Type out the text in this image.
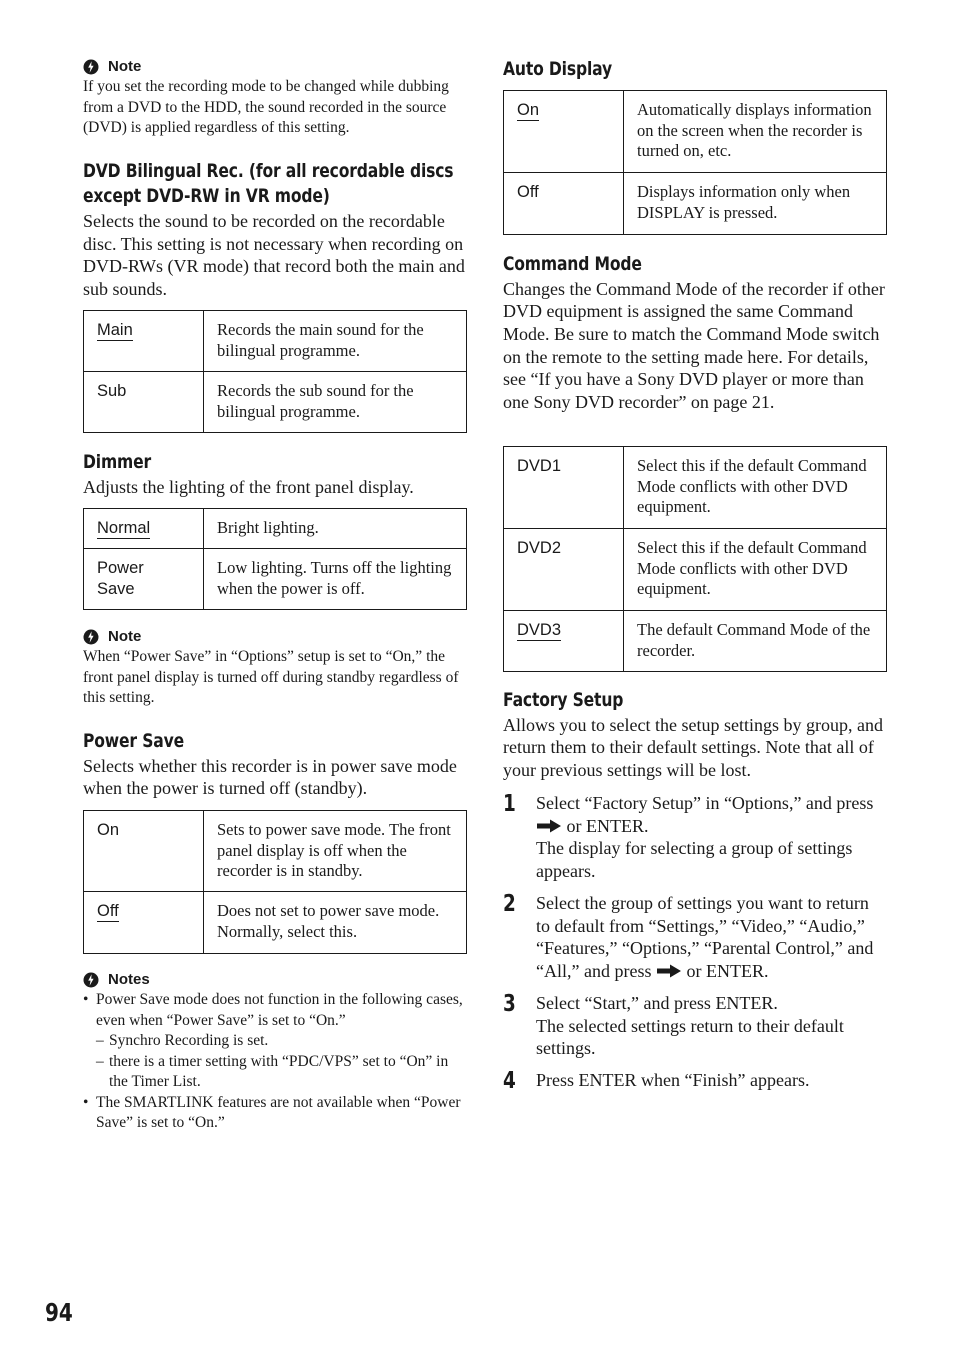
Note

If you set the recording mode to be changed while dubbing from a DVD to the HDD, the sound recorded in the source (DVD) is applied regardless of this setting.

DVD Bilingual Rec. (for all recordable discs

except DVD-RW in VR mode)

Selects the sound to be recorded on the recordable disc. This setting is not necessary when recording on DVD-RWs (VR mode) that record both the main and sub sounds.

Main	Records the main sound for the bilingual programme.
Sub	Records the sub sound for the bilingual programme.

Dimmer

Adjusts the lighting of the front panel display.

Normal	Bright lighting.
Power
Save	Low lighting. Turns off the lighting when the power is off.
Note

When “Power Save” in “Options” setup is set to “On,” the front panel display is turned off during standby regardless of this setting.

Power Save

Selects whether this recorder is in power save mode when the power is turned off (standby).

On	Sets to power save mode. The front panel display is off when the recorder is in standby.
Off	Does not set to power save mode. Normally, select this.
Notes
• Power Save mode does not function in the following cases, even when “Power Save” is set to “On.”
– Synchro Recording is set.
– there is a timer setting with “PDC/VPS” set to “On” in the Timer List.
• The SMARTLINK features are not available when “Power Save” is set to “On.”

Auto Display

On	Automatically displays information on the screen when the recorder is turned on, etc.
Off	Displays information only when DISPLAY is pressed.

Command Mode

Changes the Command Mode of the recorder if other DVD equipment is assigned the same Command Mode. Be sure to match the Command Mode switch on the remote to the setting made here. For details, see “If you have a Sony DVD player or more than one Sony DVD recorder” on page 21.

DVD1	Select this if the default Command Mode conflicts with other DVD equipment.
DVD2	Select this if the default Command Mode conflicts with other DVD equipment.
DVD3	The default Command Mode of the recorder.

Factory Setup

Allows you to select the setup settings by group, and return them to their default settings. Note that all of your previous settings will be lost.

1 Select “Factory Setup” in “Options,” and press  or ENTER.
The display for selecting a group of settings appears.
2 Select the group of settings you want to return to default from “Settings,” “Video,” “Audio,” “Features,” “Options,” “Parental Control,” and “All,” and press or ENTER.
3 Select “Start,” and press ENTER.
The selected settings return to their default settings.
4 Press ENTER when “Finish” appears.
94
